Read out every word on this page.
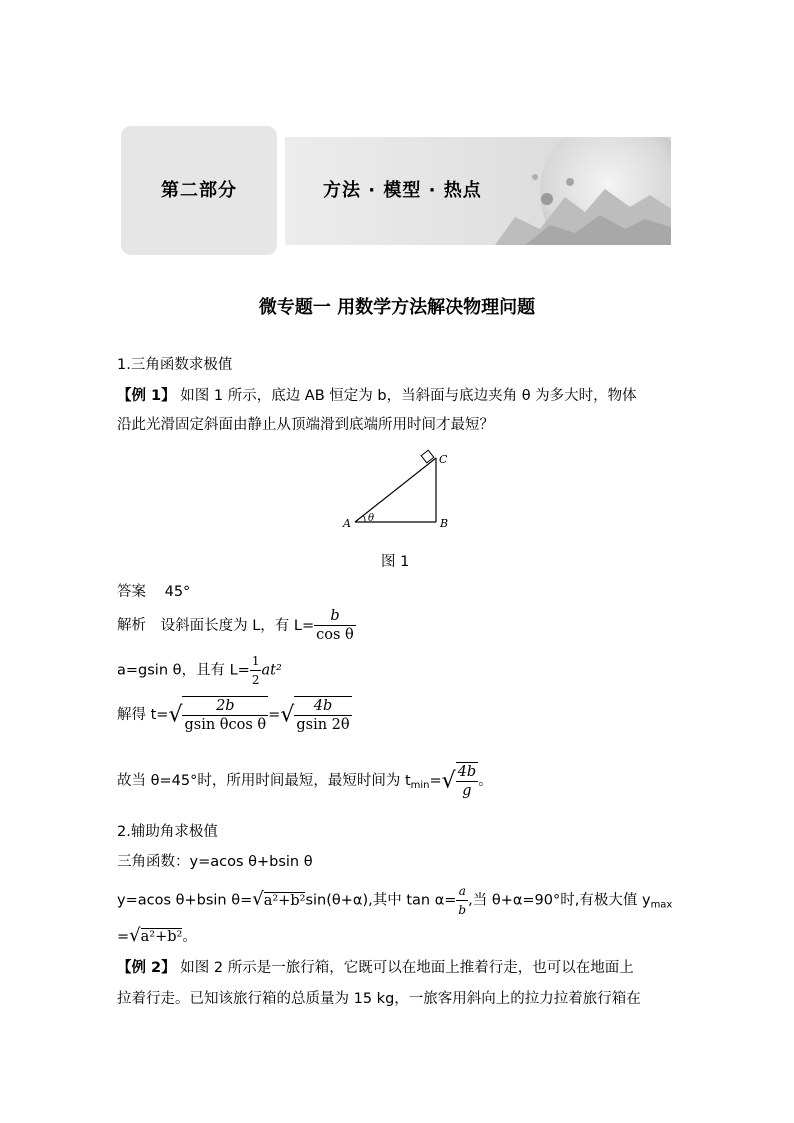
第二部分	方法 · 模型 · 热点
微专题一 用数学方法解决物理问题
1.三角函数求极值
【例 1】 如图 1 所示，底边 AB 恒定为 b，当斜面与底边夹角 θ 为多大时，物体
沿此光滑固定斜面由静止从顶端滑到底端所用时间才最短？
A	B
C
θ
图 1
答案 45°
解析 设斜面长度为 L，有 $L= \frac{b}{\text{cos θ}}$
a=gsin θ，且有 $L= \frac{1}{2} at^2$
解得 $t=√ \frac{2b}{\text{gsin θcos θ}}$ =√ $\frac{4b}{gsin 2\theta}$
故当 θ=45°时，所用时间最短，最短时间为 $t_{min}=√ \frac{4b}{g}$ 。
2.辅助角求极值
三角函数：y=acos θ+bsin θ
y=acos θ+bsin θ=√a²+b²sin(θ+α),其中 $\tan \alpha= \frac{a}{b}$ ,当 θ+α=90°时,有极大值 $y_{max}$
=√a²+b²。
【例 2】 如图 2 所示是一旅行箱，它既可以在地面上推着行走，也可以在地面上
拉着行走。已知该旅行箱的总质量为 15 kg，一旅客用斜向上的拉力拉着旅行箱在
